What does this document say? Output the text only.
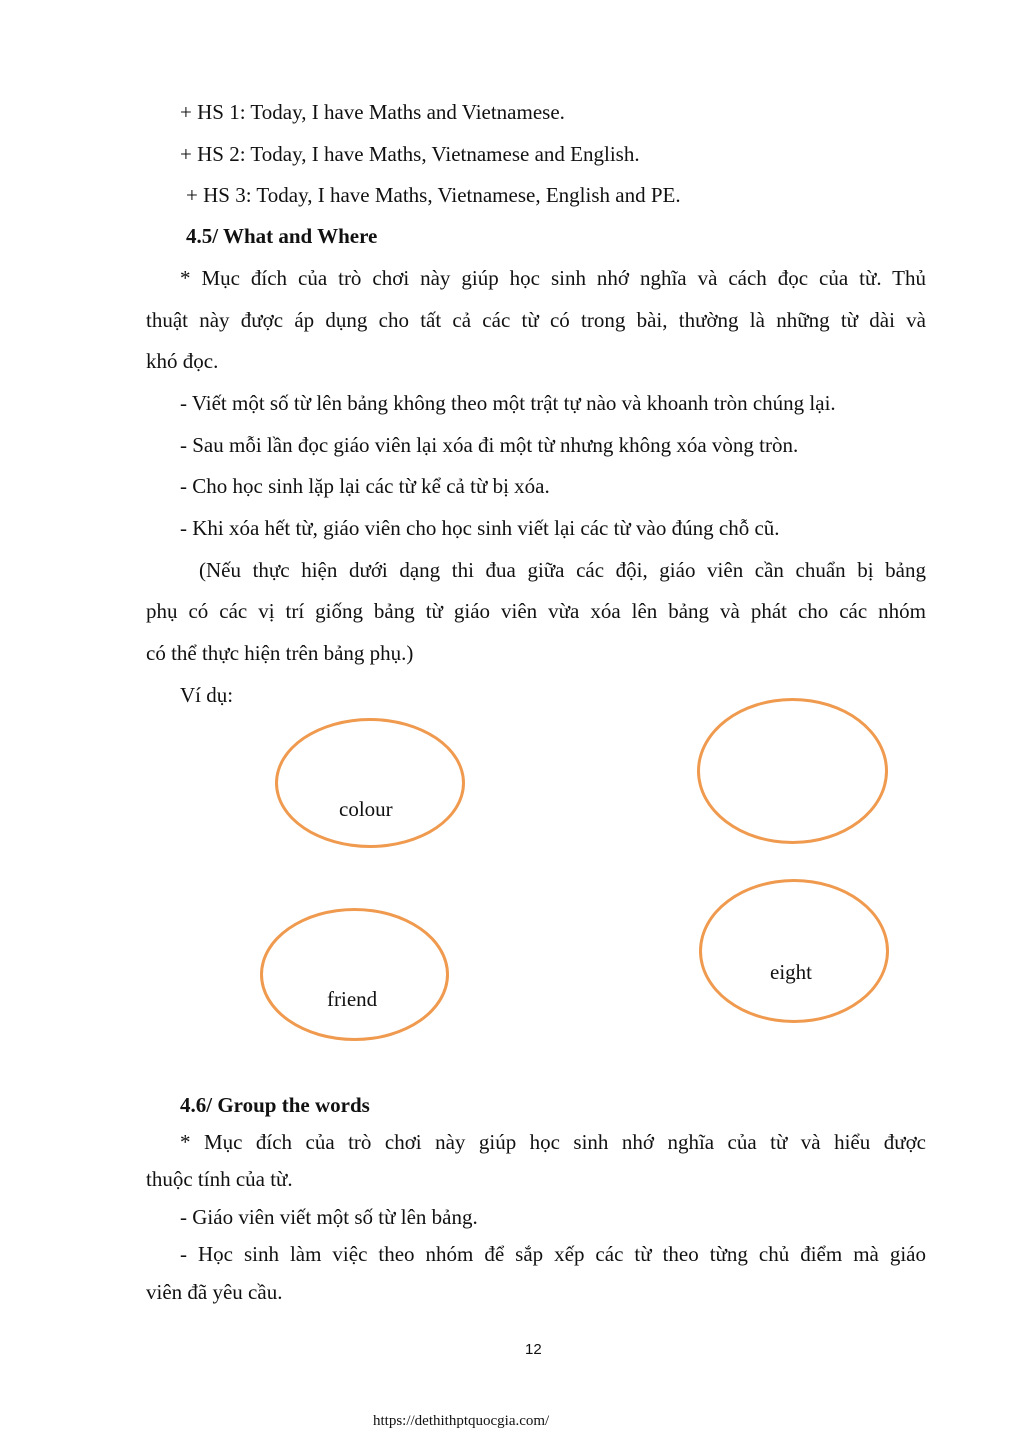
+ HS 1: Today, I have Maths and Vietnamese.
+ HS 2: Today, I have Maths, Vietnamese and English.
+ HS 3: Today, I have Maths, Vietnamese, English and PE.
4.5/ What and Where
* Mục đích của trò chơi này giúp học sinh nhớ nghĩa và cách đọc của từ. Thủ
thuật này được áp dụng cho tất cả các từ có trong bài, thường là những từ dài và
khó đọc.
- Viết một số từ lên bảng không theo một trật tự nào và khoanh tròn chúng lại.
- Sau mỗi lần đọc giáo viên lại xóa đi một từ nhưng không xóa vòng tròn.
- Cho học sinh lặp lại các từ kể cả từ bị xóa.
- Khi xóa hết từ, giáo viên cho học sinh viết lại các từ vào đúng chỗ cũ.
(Nếu thực hiện dưới dạng thi đua giữa các đội, giáo viên cần chuẩn bị bảng
phụ có các vị trí giống bảng từ giáo viên vừa xóa lên bảng và phát cho các nhóm
có thể thực hiện trên bảng phụ.)
Ví dụ:
colour
friend
eight
4.6/ Group the words
* Mục đích của trò chơi này giúp học sinh nhớ nghĩa của từ và hiểu được
thuộc tính của từ.
- Giáo viên viết một số từ lên bảng.
- Học sinh làm việc theo nhóm để sắp xếp các từ theo từng chủ điểm mà giáo
viên đã yêu cầu.
12
https://dethithptquocgia.com/
